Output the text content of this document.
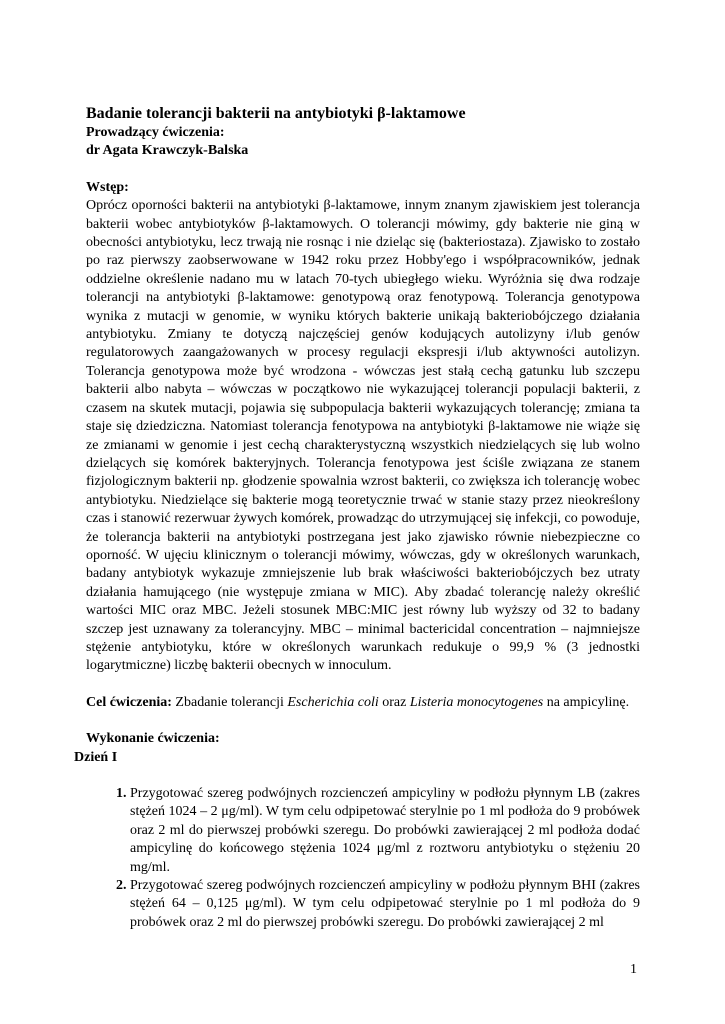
Badanie tolerancji bakterii na antybiotyki β-laktamowe

Prowadzący ćwiczenia:

dr Agata Krawczyk-Balska

Wstęp:

Oprócz oporności bakterii na antybiotyki β-laktamowe, innym znanym zjawiskiem jest tolerancja bakterii wobec antybiotyków β-laktamowych. O tolerancji mówimy, gdy bakterie nie giną w obecności antybiotyku, lecz trwają nie rosnąc i nie dzieląc się (bakteriostaza). Zjawisko to zostało po raz pierwszy zaobserwowane w 1942 roku przez Hobby'ego i współpracowników, jednak oddzielne określenie nadano mu w latach 70-tych ubiegłego wieku. Wyróżnia się dwa rodzaje tolerancji na antybiotyki β-laktamowe: genotypową oraz fenotypową. Tolerancja genotypowa wynika z mutacji w genomie, w wyniku których bakterie unikają bakteriobójczego działania antybiotyku. Zmiany te dotyczą najczęściej genów kodujących autolizyny i/lub genów regulatorowych zaangażowanych w procesy regulacji ekspresji i/lub aktywności autolizyn. Tolerancja genotypowa może być wrodzona - wówczas jest stałą cechą gatunku lub szczepu bakterii albo nabyta – wówczas w początkowo nie wykazującej tolerancji populacji bakterii, z czasem na skutek mutacji, pojawia się subpopulacja bakterii wykazujących tolerancję; zmiana ta staje się dziedziczna. Natomiast tolerancja fenotypowa na antybiotyki β-laktamowe nie wiąże się ze zmianami w genomie i jest cechą charakterystyczną wszystkich niedzielących się lub wolno dzielących się komórek bakteryjnych. Tolerancja fenotypowa jest ściśle związana ze stanem fizjologicznym bakterii np. głodzenie spowalnia wzrost bakterii, co zwiększa ich tolerancję wobec antybiotyku. Niedzielące się bakterie mogą teoretycznie trwać w stanie stazy przez nieokreślony czas i stanowić rezerwuar żywych komórek, prowadząc do utrzymującej się infekcji, co powoduje, że tolerancja bakterii na antybiotyki postrzegana jest jako zjawisko równie niebezpieczne co oporność. W ujęciu klinicznym o tolerancji mówimy, wówczas, gdy w określonych warunkach, badany antybiotyk wykazuje zmniejszenie lub brak właściwości bakteriobójczych bez utraty działania hamującego (nie występuje zmiana w MIC). Aby zbadać tolerancję należy określić wartości MIC oraz MBC. Jeżeli stosunek MBC:MIC jest równy lub wyższy od 32 to badany szczep jest uznawany za tolerancyjny. MBC – minimal bactericidal concentration – najmniejsze stężenie antybiotyku, które w określonych warunkach redukuje o 99,9 % (3 jednostki logarytmiczne) liczbę bakterii obecnych w innoculum.

Cel ćwiczenia: Zbadanie tolerancji Escherichia coli oraz Listeria monocytogenes na ampicylinę.

Wykonanie ćwiczenia:

Dzień I

1. Przygotować szereg podwójnych rozcienczeń ampicyliny w podłożu płynnym LB (zakres stężeń 1024 – 2 μg/ml). W tym celu odpipetować sterylnie po 1 ml podłoża do 9 probówek oraz 2 ml do pierwszej probówki szeregu. Do probówki zawierającej 2 ml podłoża dodać ampicylinę do końcowego stężenia 1024 μg/ml z roztworu antybiotyku o stężeniu 20 mg/ml.
2. Przygotować szereg podwójnych rozcienczeń ampicyliny w podłożu płynnym BHI (zakres stężeń 64 – 0,125 μg/ml). W tym celu odpipetować sterylnie po 1 ml podłoża do 9 probówek oraz 2 ml do pierwszej probówki szeregu. Do probówki zawierającej 2 ml
1
